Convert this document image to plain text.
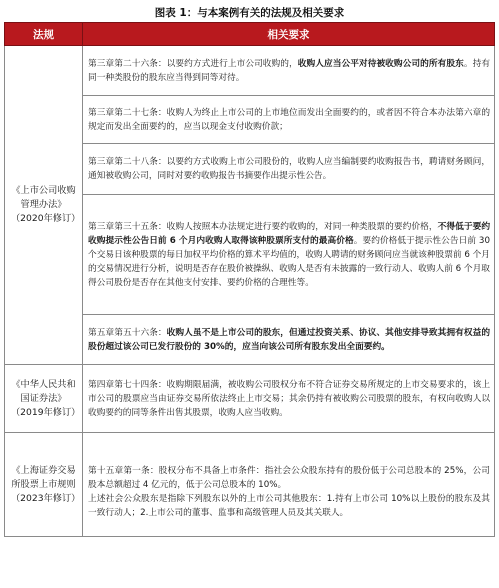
图表 1：与本案例有关的法规及相关要求
法规	相关要求
《上市公司收购管理办法》（2020年修订）	第三章第二十六条：以要约方式进行上市公司收购的，收购人应当公平对待被收购公司的所有股东。持有同一种类股份的股东应当得到同等对待。
	第三章第二十七条：收购人为终止上市公司的上市地位而发出全面要约的，或者因不符合本办法第六章的规定而发出全面要约的，应当以现金支付收购价款；
	第三章第二十八条：以要约方式收购上市公司股份的，收购人应当编制要约收购报告书，聘请财务顾问，通知被收购公司，同时对要约收购报告书摘要作出提示性公告。
	第三章第三十五条：收购人按照本办法规定进行要约收购的，对同一种类股票的要约价格，不得低于要约收购提示性公告日前 6 个月内收购人取得该种股票所支付的最高价格。要约价格低于提示性公告日前 30 个交易日该种股票的每日加权平均价格的算术平均值的，收购人聘请的财务顾问应当就该种股票前 6 个月的交易情况进行分析，说明是否存在股价被操纵、收购人是否有未披露的一致行动人、收购人前 6 个月取得公司股份是否存在其他支付安排、要约价格的合理性等。
	第五章第五十六条：收购人虽不是上市公司的股东，但通过投资关系、协议、其他安排导致其拥有权益的股份超过该公司已发行股份的 30%的，应当向该公司所有股东发出全面要约。
《中华人民共和国证券法》（2019年修订）	第四章第七十四条：收购期限届满，被收购公司股权分布不符合证券交易所规定的上市交易要求的，该上市公司的股票应当由证券交易所依法终止上市交易；其余仍持有被收购公司股票的股东，有权向收购人以收购要约的同等条件出售其股票，收购人应当收购。
《上海证券交易所股票上市规则（2023年修订）	第十五章第一条：股权分布不具备上市条件：指社会公众股东持有的股份低于公司总股本的 25%，公司股本总额超过 4 亿元的，低于公司总股本的 10%。
上述社会公众股东是指除下列股东以外的上市公司其他股东：1.持有上市公司 10%以上股份的股东及其一致行动人；2.上市公司的董事、监事和高级管理人员及其关联人。
